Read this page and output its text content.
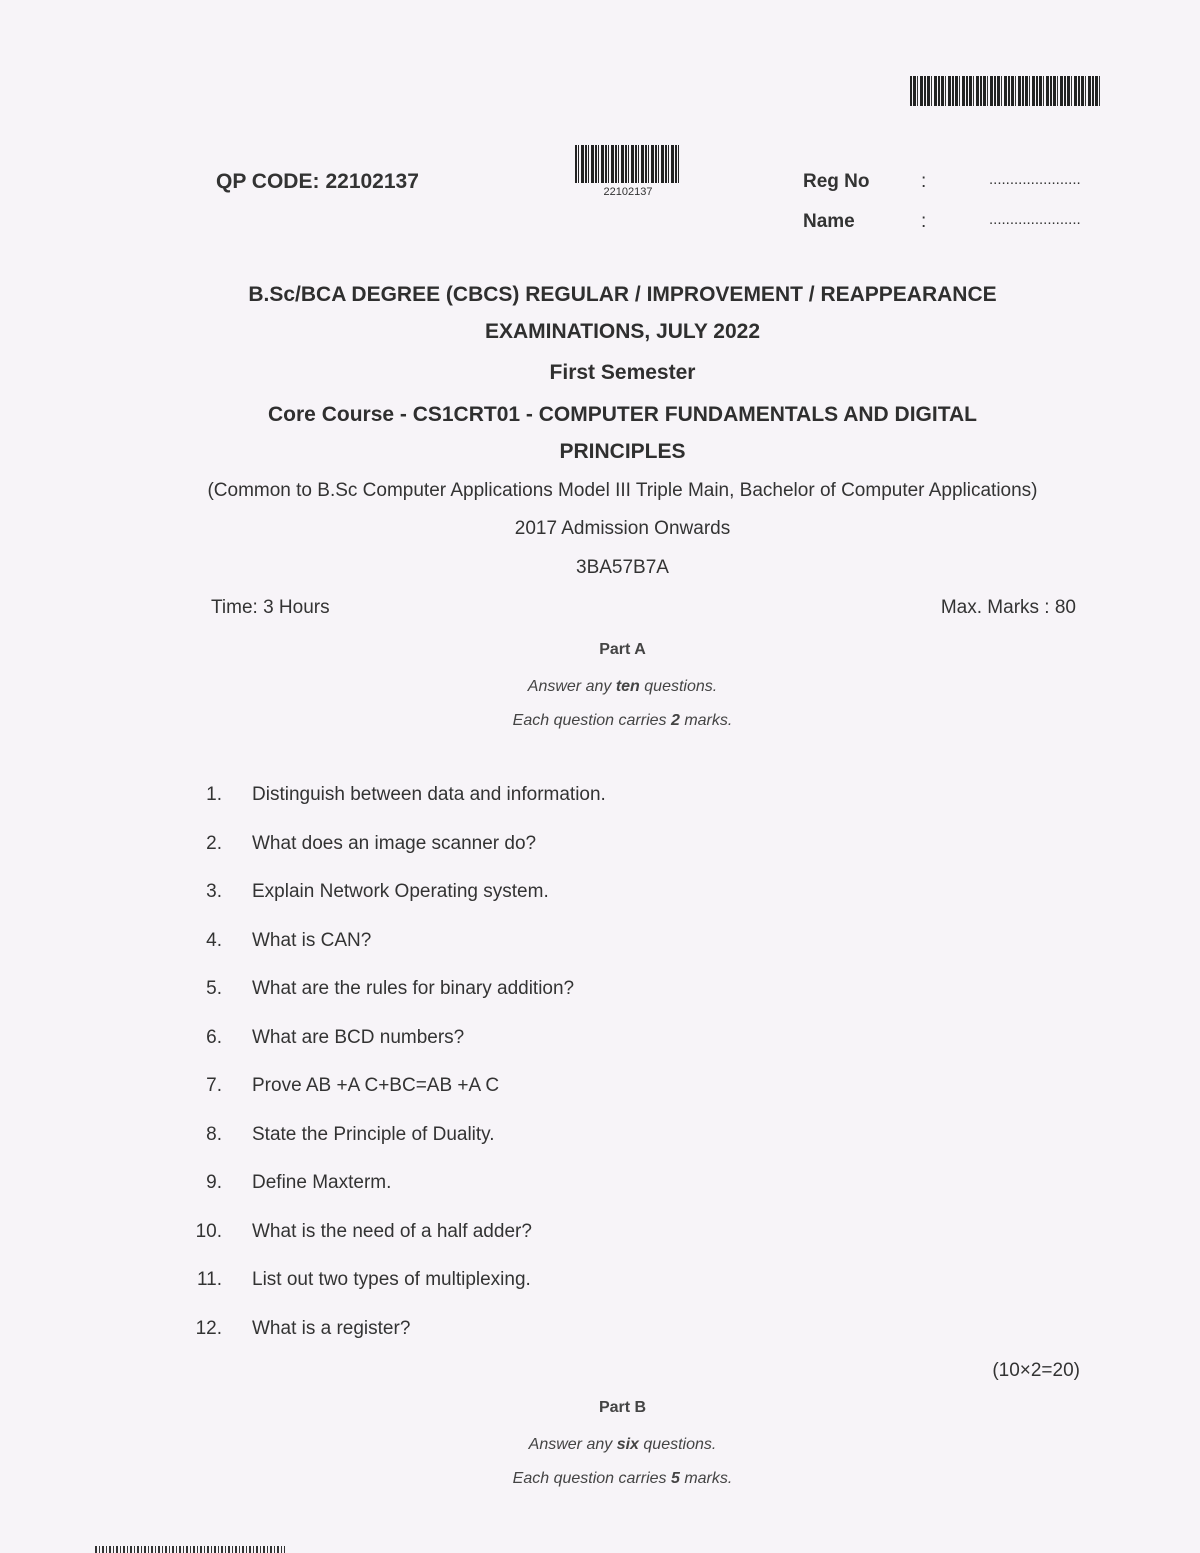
22102137
QP CODE: 22102137	Reg No	:	......................
Name	:	......................
B.Sc/BCA DEGREE (CBCS) REGULAR / IMPROVEMENT / REAPPEARANCE
EXAMINATIONS, JULY 2022
First Semester
Core Course - CS1CRT01 - COMPUTER FUNDAMENTALS AND DIGITAL
PRINCIPLES
(Common to B.Sc Computer Applications Model III Triple Main, Bachelor of Computer Applications)
2017 Admission Onwards
3BA57B7A
Time: 3 Hours	Max. Marks : 80
Part A
Answer any ten questions.
Each question carries 2 marks.
1. Distinguish between data and information.
2. What does an image scanner do?
3. Explain Network Operating system.
4. What is CAN?
5. What are the rules for binary addition?
6. What are BCD numbers?
7. Prove AB +A C+BC=AB +A C
8. State the Principle of Duality.
9. Define Maxterm.
10. What is the need of a half adder?
11. List out two types of multiplexing.
12. What is a register?
(10×2=20)
Part B
Answer any six questions.
Each question carries 5 marks.
